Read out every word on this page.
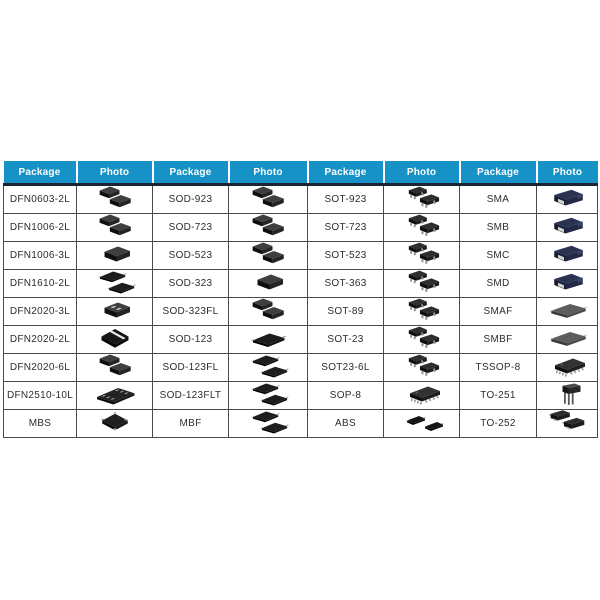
Package	Photo	Package	Photo	Package	Photo	Package	Photo
DFN0603-2L		SOD-923		SOT-923		SMA	

DFN1006-2L		SOD-723		SOT-723		SMB	

DFN1006-3L		SOD-523		SOT-523		SMC	

DFN1610-2L		SOD-323		SOT-363		SMD	

DFN2020-3L		SOD-323FL		SOT-89		SMAF	

DFN2020-2L		SOD-123		SOT-23		SMBF	

DFN2020-6L		SOD-123FL		SOT23-6L		TSSOP-8	

DFN2510-10L		SOD-123FLT		SOP-8		TO-251	

MBS		MBF		ABS		TO-252	
